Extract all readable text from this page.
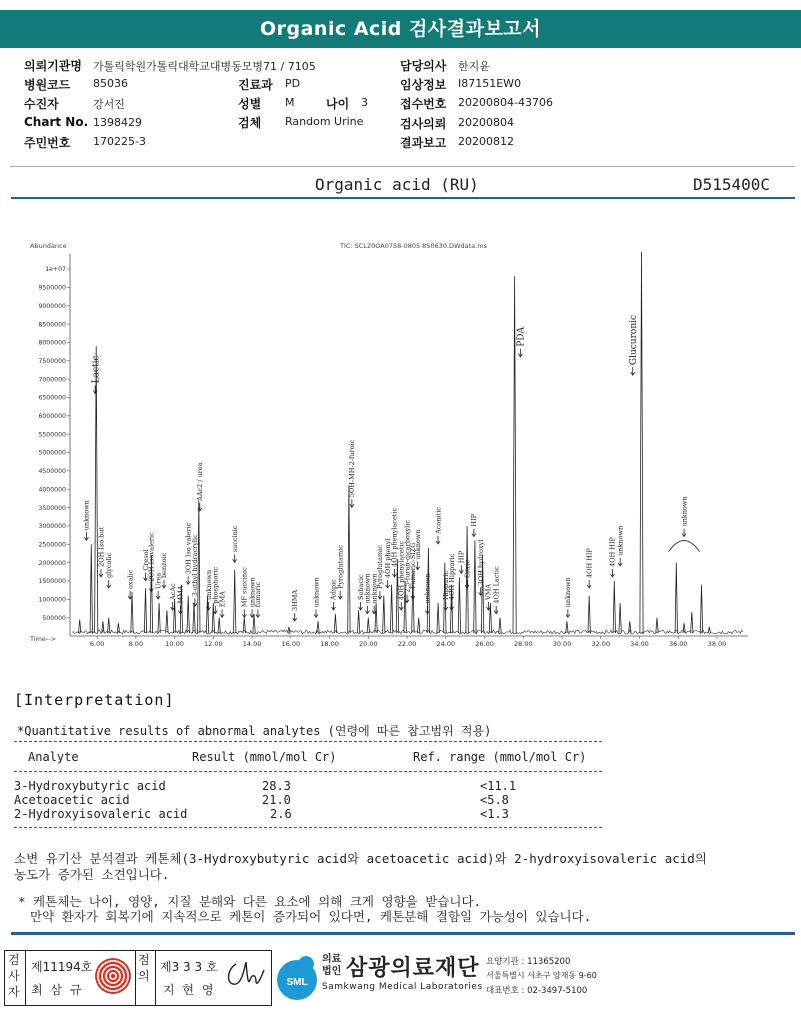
Organic Acid 검사결과보고서
의뢰기관명 가톨릭학원가톨릭대학교대병동모병71 / 7105
병원코드 85036
수진자	강서진
Chart No. 1398429
주민번호 170225-3
진료과 PD
성별 M	나이 3
검체 Random Urine
담당의사 한지윤
임상정보 I87151EW0
접수번호 20200804-43706
검사의뢰 20200804
결과보고 20200812
Organic acid (RU)	D515400C
Abundance	TIC: SCL20OA0758-0805 850630.DWdata.ms
Time-->
500000
1000000
1500000
2000000
2500000
3000000
3500000
4000000
4500000
5000000
5500000
6000000
6500000
7000000
7500000
8000000
8500000
9000000
9500000
1e+07
6.00	8.00	10.00	12.00	14.00	16.00	18.00	20.00	22.00	24.00	26.00	28.00	30.00	32.00	34.00	36.00	38.00
unknown
Lactic
2OH Iso but glycolic
oxalic
Cresol
2OH Isovaleric
Urea
benzoic
AcAc MMA
3OH Iso valeric
3-ethyl hydracrylic
AAc2 / urea
unknown
phosphoric
EMA
succinic
MF succinic unknown
fumaric	3HMA unknown Adipic
Pyroglutamic
5OH-MH-2-furoic
Sebacic
unknown
unknown
Pyroglutamic 4OH phenyl
4OH phenylacetic
4OH phenylacetic
2,5-furan-dicarboxylic
Fumaric-SIZG
unknown
unknown
Aconitic
Hippuric
4OH Hippuric HIP
Citric
HIP
3OH hydroxyl
VMA 4OH Lactic
PDA
unknown
4OH HIP 4OH HIP unknown
Glucuronic
unknown
[Interpretation]
*Quantitative results of abnormal analytes (연령에 따른 참고범위 적용)
Analyte	Result (mmol/mol Cr)	Ref. range (mmol/mol Cr)
3-Hydroxybutyric acid	28.3	<11.1
Acetoacetic acid	21.0	<5.8
2-Hydroxyisovaleric acid	2.6	<1.3
소변 유기산 분석결과 케톤체(3-Hydroxybutyric acid와 acetoacetic acid)와 2-hydroxyisovaleric acid의
농도가 증가된 소견입니다.
* 케톤체는 나이, 영양, 지질 분해와 다른 요소에 의해 크게 영향을 받습니다.
만약 환자가 회복기에 지속적으로 케톤이 증가되어 있다면, 케톤분해 결함일 가능성이 있습니다.
검사자
제11194호
최 삼 규
점의
제3 3 3 호
지 현 영
SML
의료법인 삼광의료재단
Samkwang Medical Laboratories
요양기관 : 11365200
서울특별시 서초구 양재동 9-60
대표번호 : 02-3497-5100
